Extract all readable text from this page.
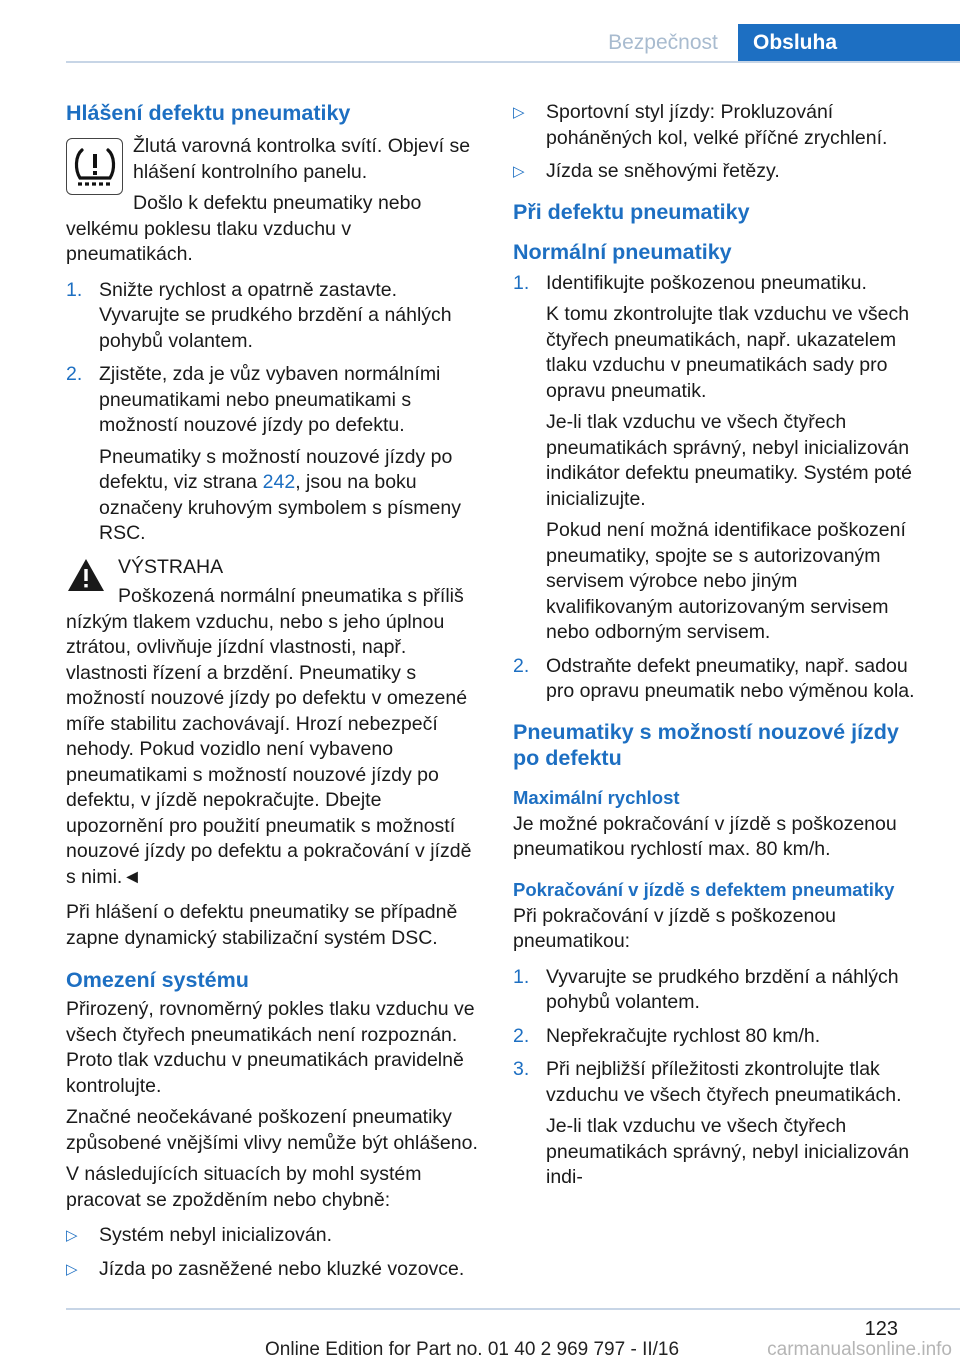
Bezpečnost	Obsluha

Hlášení defektu pneumatiky

Žlutá varovná kontrolka svítí. Objeví se hlášení kontrolního panelu.

Došlo k defektu pneumatiky nebo velkému poklesu tlaku vzduchu v pneumatikách.

1. Snižte rychlost a opatrně zastavte. Vyvarujte se prudkého brzdění a náhlých pohybů volantem.
2. Zjistěte, zda je vůz vybaven normálními pneumatikami nebo pneumatikami s možností nouzové jízdy po defektu.
Pneumatiky s možností nouzové jízdy po defektu, viz strana 242, jsou na boku označeny kruhovým symbolem s písmeny RSC.

VÝSTRAHA

Poškozená normální pneumatika s příliš nízkým tlakem vzduchu, nebo s jeho úplnou ztrátou, ovlivňuje jízdní vlastnosti, např. vlastnosti řízení a brzdění. Pneumatiky s možností nouzové jízdy po defektu v omezené míře stabilitu zachovávají. Hrozí nebezpečí nehody. Pokud vozidlo není vybaveno pneumatikami s možností nouzové jízdy po defektu, v jízdě nepokračujte. Dbejte upozornění pro použití pneumatik s možností nouzové jízdy po defektu a pokračování v jízdě s nimi.◄

Při hlášení o defektu pneumatiky se případně zapne dynamický stabilizační systém DSC.

Omezení systému

Přirozený, rovnoměrný pokles tlaku vzduchu ve všech čtyřech pneumatikách není rozpoznán. Proto tlak vzduchu v pneumatikách pravidelně kontrolujte.

Značné neočekávané poškození pneumatiky způsobené vnějšími vlivy nemůže být ohlášeno.

V následujících situacích by mohl systém pracovat se zpožděním nebo chybně:

▷ Systém nebyl inicializován.
▷ Jízda po zasněžené nebo kluzké vozovce.
▷ Sportovní styl jízdy: Prokluzování poháněných kol, velké příčné zrychlení.
▷ Jízda se sněhovými řetězy.

Při defektu pneumatiky

Normální pneumatiky

1. Identifikujte poškozenou pneumatiku.
K tomu zkontrolujte tlak vzduchu ve všech čtyřech pneumatikách, např. ukazatelem tlaku vzduchu v pneumatikách sady pro opravu pneumatik.
Je-li tlak vzduchu ve všech čtyřech pneumatikách správný, nebyl inicializován indikátor defektu pneumatiky. Systém poté inicializujte.
Pokud není možná identifikace poškození pneumatiky, spojte se s autorizovaným servisem výrobce nebo jiným kvalifikovaným autorizovaným servisem nebo odborným servisem.
2. Odstraňte defekt pneumatiky, např. sadou pro opravu pneumatik nebo výměnou kola.

Pneumatiky s možností nouzové jízdy po defektu

Maximální rychlost

Je možné pokračování v jízdě s poškozenou pneumatikou rychlostí max. 80 km/h.

Pokračování v jízdě s defektem pneumatiky

Při pokračování v jízdě s poškozenou pneumatikou:

1. Vyvarujte se prudkého brzdění a náhlých pohybů volantem.
2. Nepřekračujte rychlost 80 km/h.
3. Při nejbližší příležitosti zkontrolujte tlak vzduchu ve všech čtyřech pneumatikách.
Je-li tlak vzduchu ve všech čtyřech pneumatikách správný, nebyl inicializován indi-
123
Online Edition for Part no. 01 40 2 969 797 - II/16	carmanualsonline.info
